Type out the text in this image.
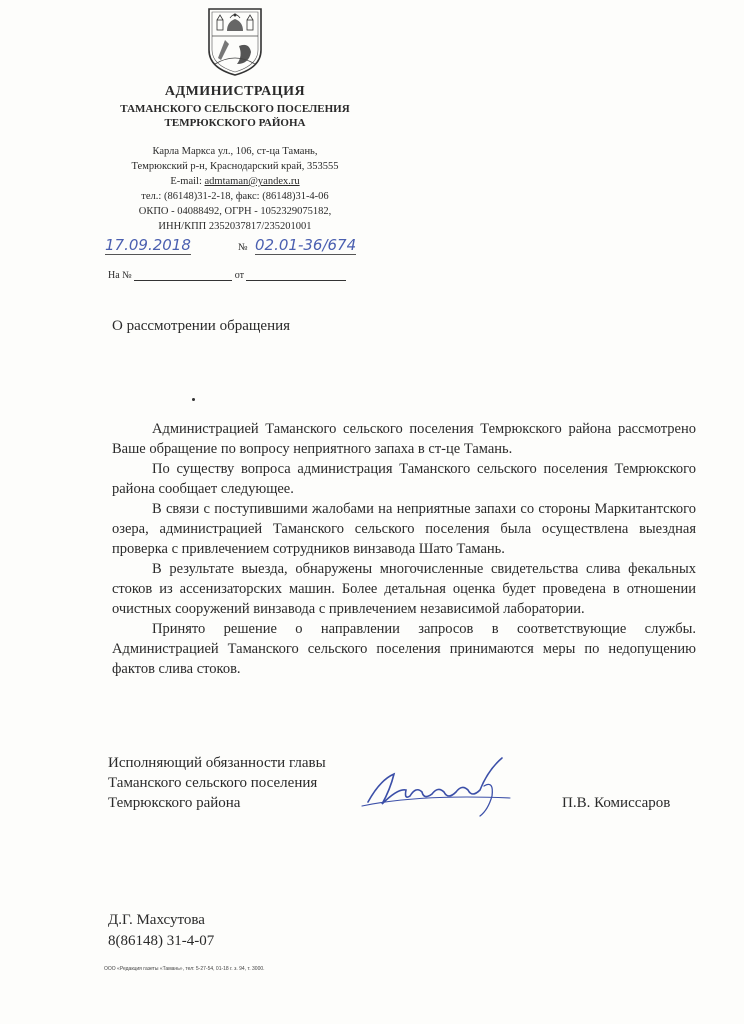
АДМИНИСТРАЦИЯ
ТАМАНСКОГО СЕЛЬСКОГО ПОСЕЛЕНИЯ
ТЕМРЮКСКОГО РАЙОНА
Карла Маркса ул., 106, ст-ца Тамань,
Темрюкский р-н, Краснодарский край, 353555
E-mail: admtaman@yandex.ru
тел.: (86148)31-2-18, факс: (86148)31-4-06
ОКПО - 04088492, ОГРН - 1052329075182,
ИНН/КПП 2352037817/235201001
17.09.2018	№ 02.01-36/674
На №	от
О рассмотрении обращения

Администрацией Таманского сельского поселения Темрюкского района рассмотрено Ваше обращение по вопросу неприятного запаха в ст-це Тамань.

По существу вопроса администрация Таманского сельского поселения Темрюкского района сообщает следующее.

В связи с поступившими жалобами на неприятные запахи со стороны Маркитантского озера, администрацией Таманского сельского поселения была осуществлена выездная проверка с привлечением сотрудников винзавода Шато Тамань.

В результате выезда, обнаружены многочисленные свидетельства слива фекальных стоков из ассенизаторских машин. Более детальная оценка будет проведена в отношении очистных сооружений винзавода с привлечением независимой лаборатории.

Принято решение о направлении запросов в соответствующие службы. Администрацией Таманского сельского поселения принимаются меры по недопущению фактов слива стоков.

Исполняющий обязанности главы
Таманского сельского поселения
Темрюкского района	П.В. Комиссаров
Д.Г. Махсутова
8(86148) 31-4-07
ООО «Редакция газеты «Тамань», тел: 5-27-54, 01-18 г. з. 94, т. 3000.
